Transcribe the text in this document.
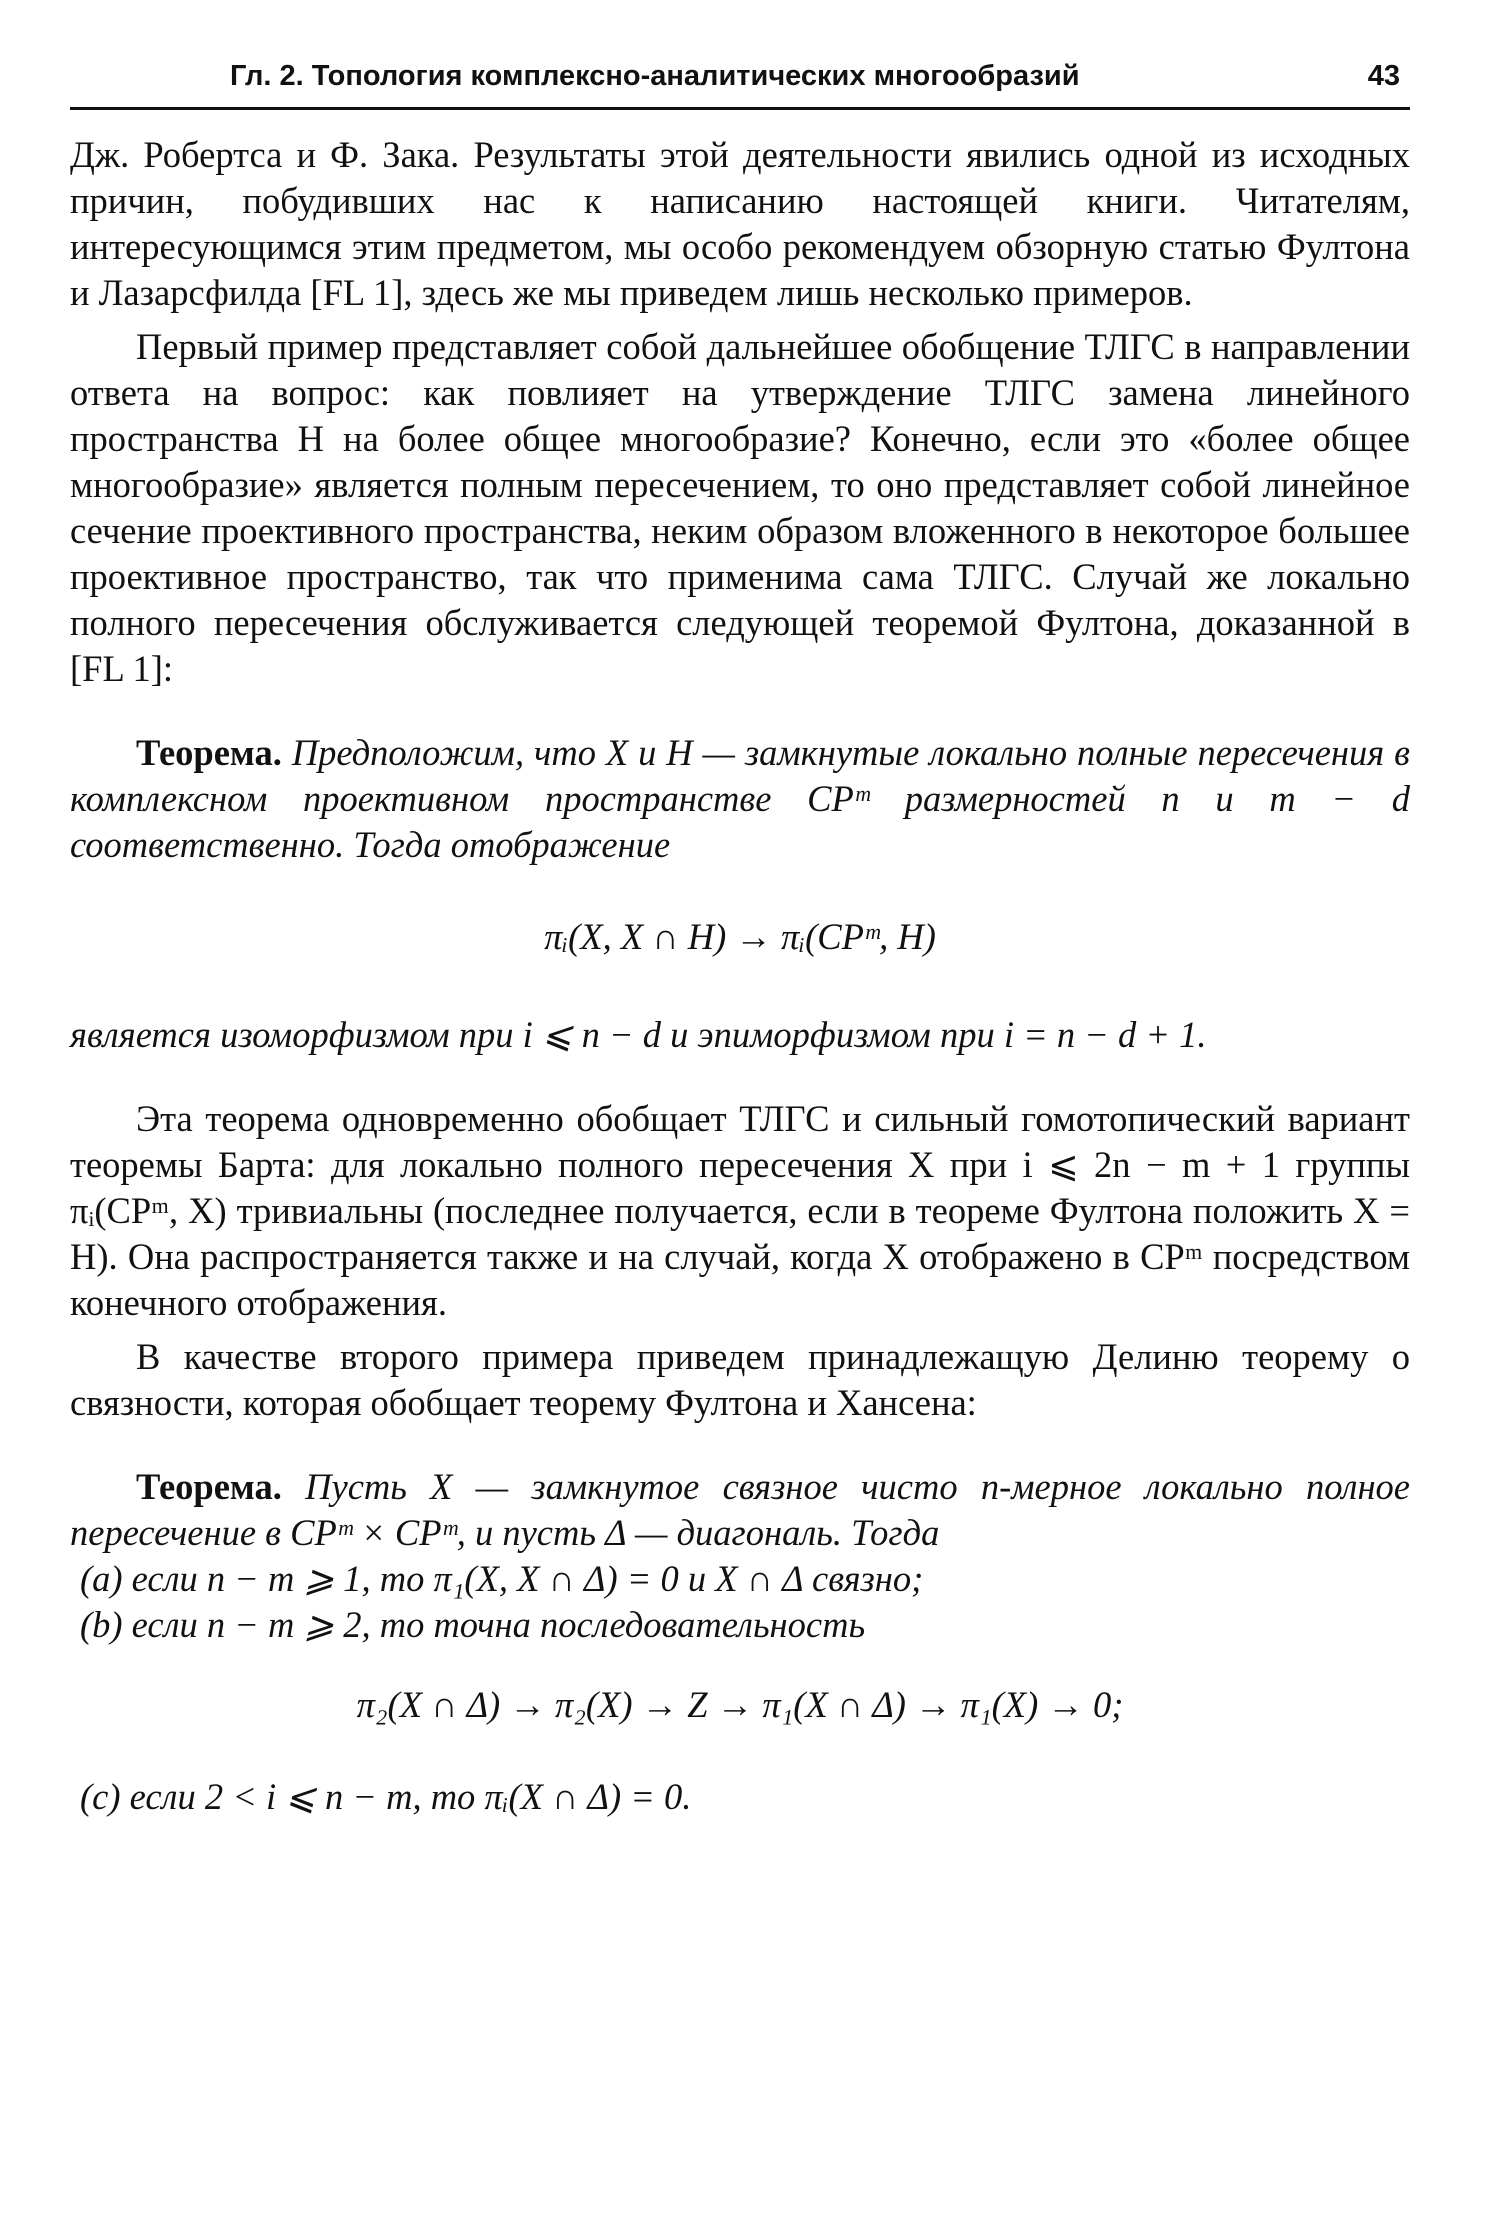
Гл. 2. Топология комплексно-аналитических многообразий	43

Дж. Робертса и Ф. Зака. Результаты этой деятельности явились одной из исходных причин, побудивших нас к написанию настоящей книги. Читателям, интересующимся этим предметом, мы особо рекомендуем обзорную статью Фултона и Лазарсфилда [FL 1], здесь же мы приведем лишь несколько примеров.

Первый пример представляет собой дальнейшее обобщение ТЛГС в направлении ответа на вопрос: как повлияет на утверждение ТЛГС замена линейного пространства H на более общее многообразие? Конечно, если это «более общее многообразие» является полным пересечением, то оно представляет собой линейное сечение проективного пространства, неким образом вложенного в некоторое большее проективное пространство, так что применима сама ТЛГС. Случай же локально полного пересечения обслуживается следующей теоремой Фултона, доказанной в [FL 1]:

Теорема. Предположим, что X и H — замкнутые локально полные пересечения в комплексном проективном пространстве CPᵐ размерностей n и m − d соответственно. Тогда отображение

πᵢ(X, X ∩ H) → πᵢ(CPᵐ, H)

является изоморфизмом при i ⩽ n − d и эпиморфизмом при i = n − d + 1.

Эта теорема одновременно обобщает ТЛГС и сильный гомотопический вариант теоремы Барта: для локально полного пересечения X при i ⩽ 2n − m + 1 группы πᵢ(CPᵐ, X) тривиальны (последнее получается, если в теореме Фултона положить X = H). Она распространяется также и на случай, когда X отображено в CPᵐ посредством конечного отображения.

В качестве второго примера приведем принадлежащую Делиню теорему о связности, которая обобщает теорему Фултона и Хансена:

Теорема. Пусть X — замкнутое связное чисто n-мерное локально полное пересечение в CPᵐ × CPᵐ, и пусть Δ — диагональ. Тогда

(a) если n − m ⩾ 1, то π₁(X, X ∩ Δ) = 0 и X ∩ Δ связно;

(b) если n − m ⩾ 2, то точна последовательность

π₂(X ∩ Δ) → π₂(X) → Z → π₁(X ∩ Δ) → π₁(X) → 0;

(c) если 2 < i ⩽ n − m, то πᵢ(X ∩ Δ) = 0.
